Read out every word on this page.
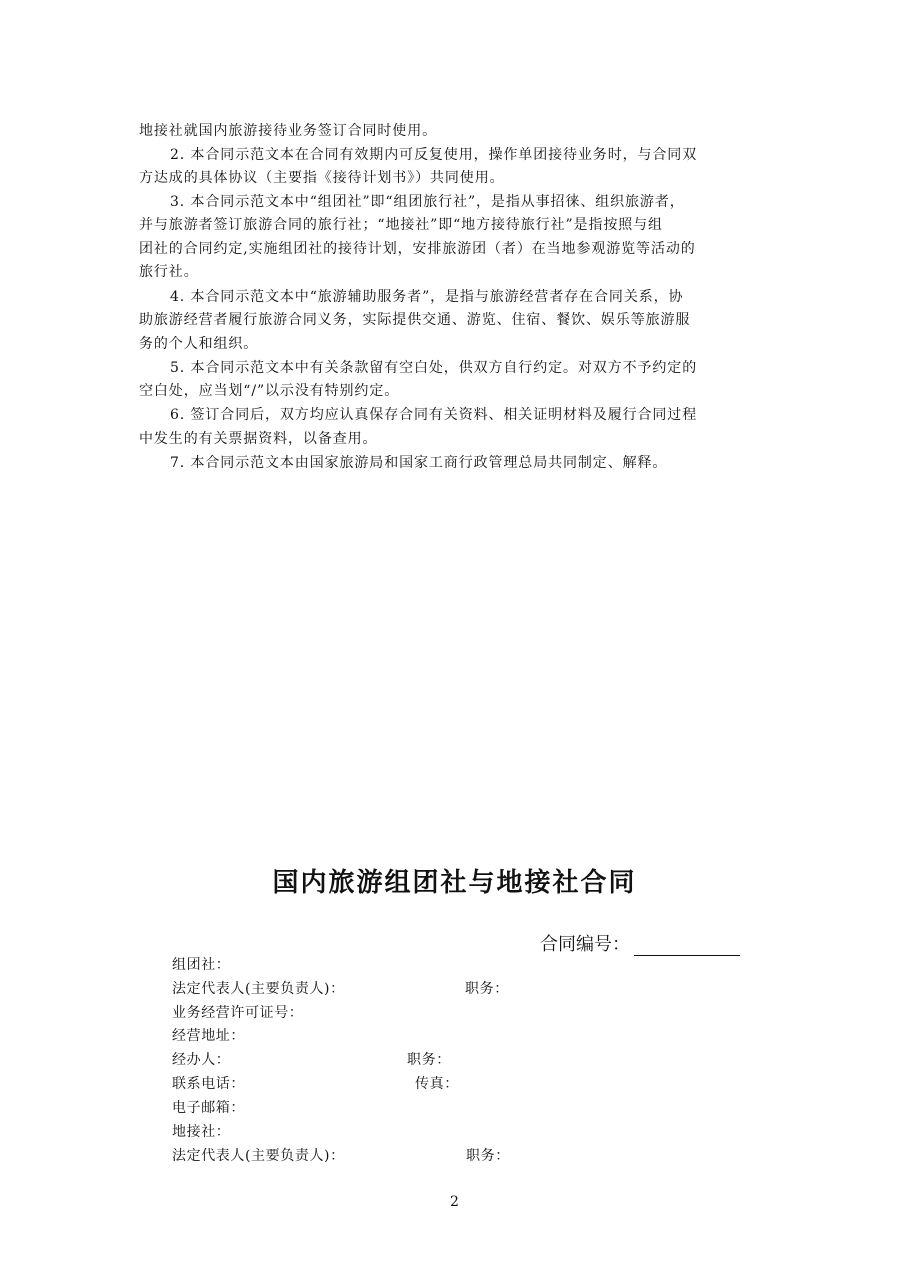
地接社就国内旅游接待业务签订合同时使用。
2. 本合同示范文本在合同有效期内可反复使用，操作单团接待业务时，与合同双
方达成的具体协议（主要指《接待计划书》）共同使用。
3. 本合同示范文本中“组团社”即“组团旅行社”，是指从事招徕、组织旅游者，
并与旅游者签订旅游合同的旅行社；“地接社”即“地方接待旅行社”是指按照与组
团社的合同约定,实施组团社的接待计划，安排旅游团（者）在当地参观游览等活动的
旅行社。
4. 本合同示范文本中“旅游辅助服务者”，是指与旅游经营者存在合同关系，协
助旅游经营者履行旅游合同义务，实际提供交通、游览、住宿、餐饮、娱乐等旅游服
务的个人和组织。
5. 本合同示范文本中有关条款留有空白处，供双方自行约定。对双方不予约定的
空白处，应当划“/”以示没有特别约定。
6. 签订合同后，双方均应认真保存合同有关资料、相关证明材料及履行合同过程
中发生的有关票据资料，以备查用。
7. 本合同示范文本由国家旅游局和国家工商行政管理总局共同制定、解释。
国内旅游组团社与地接社合同
合同编号：
组团社：
法定代表人(主要负责人)：	职务：
业务经营许可证号：
经营地址：
经办人：	职务：
联系电话：	传真：
电子邮箱：
地接社：
法定代表人(主要负责人)：	职务：
2
